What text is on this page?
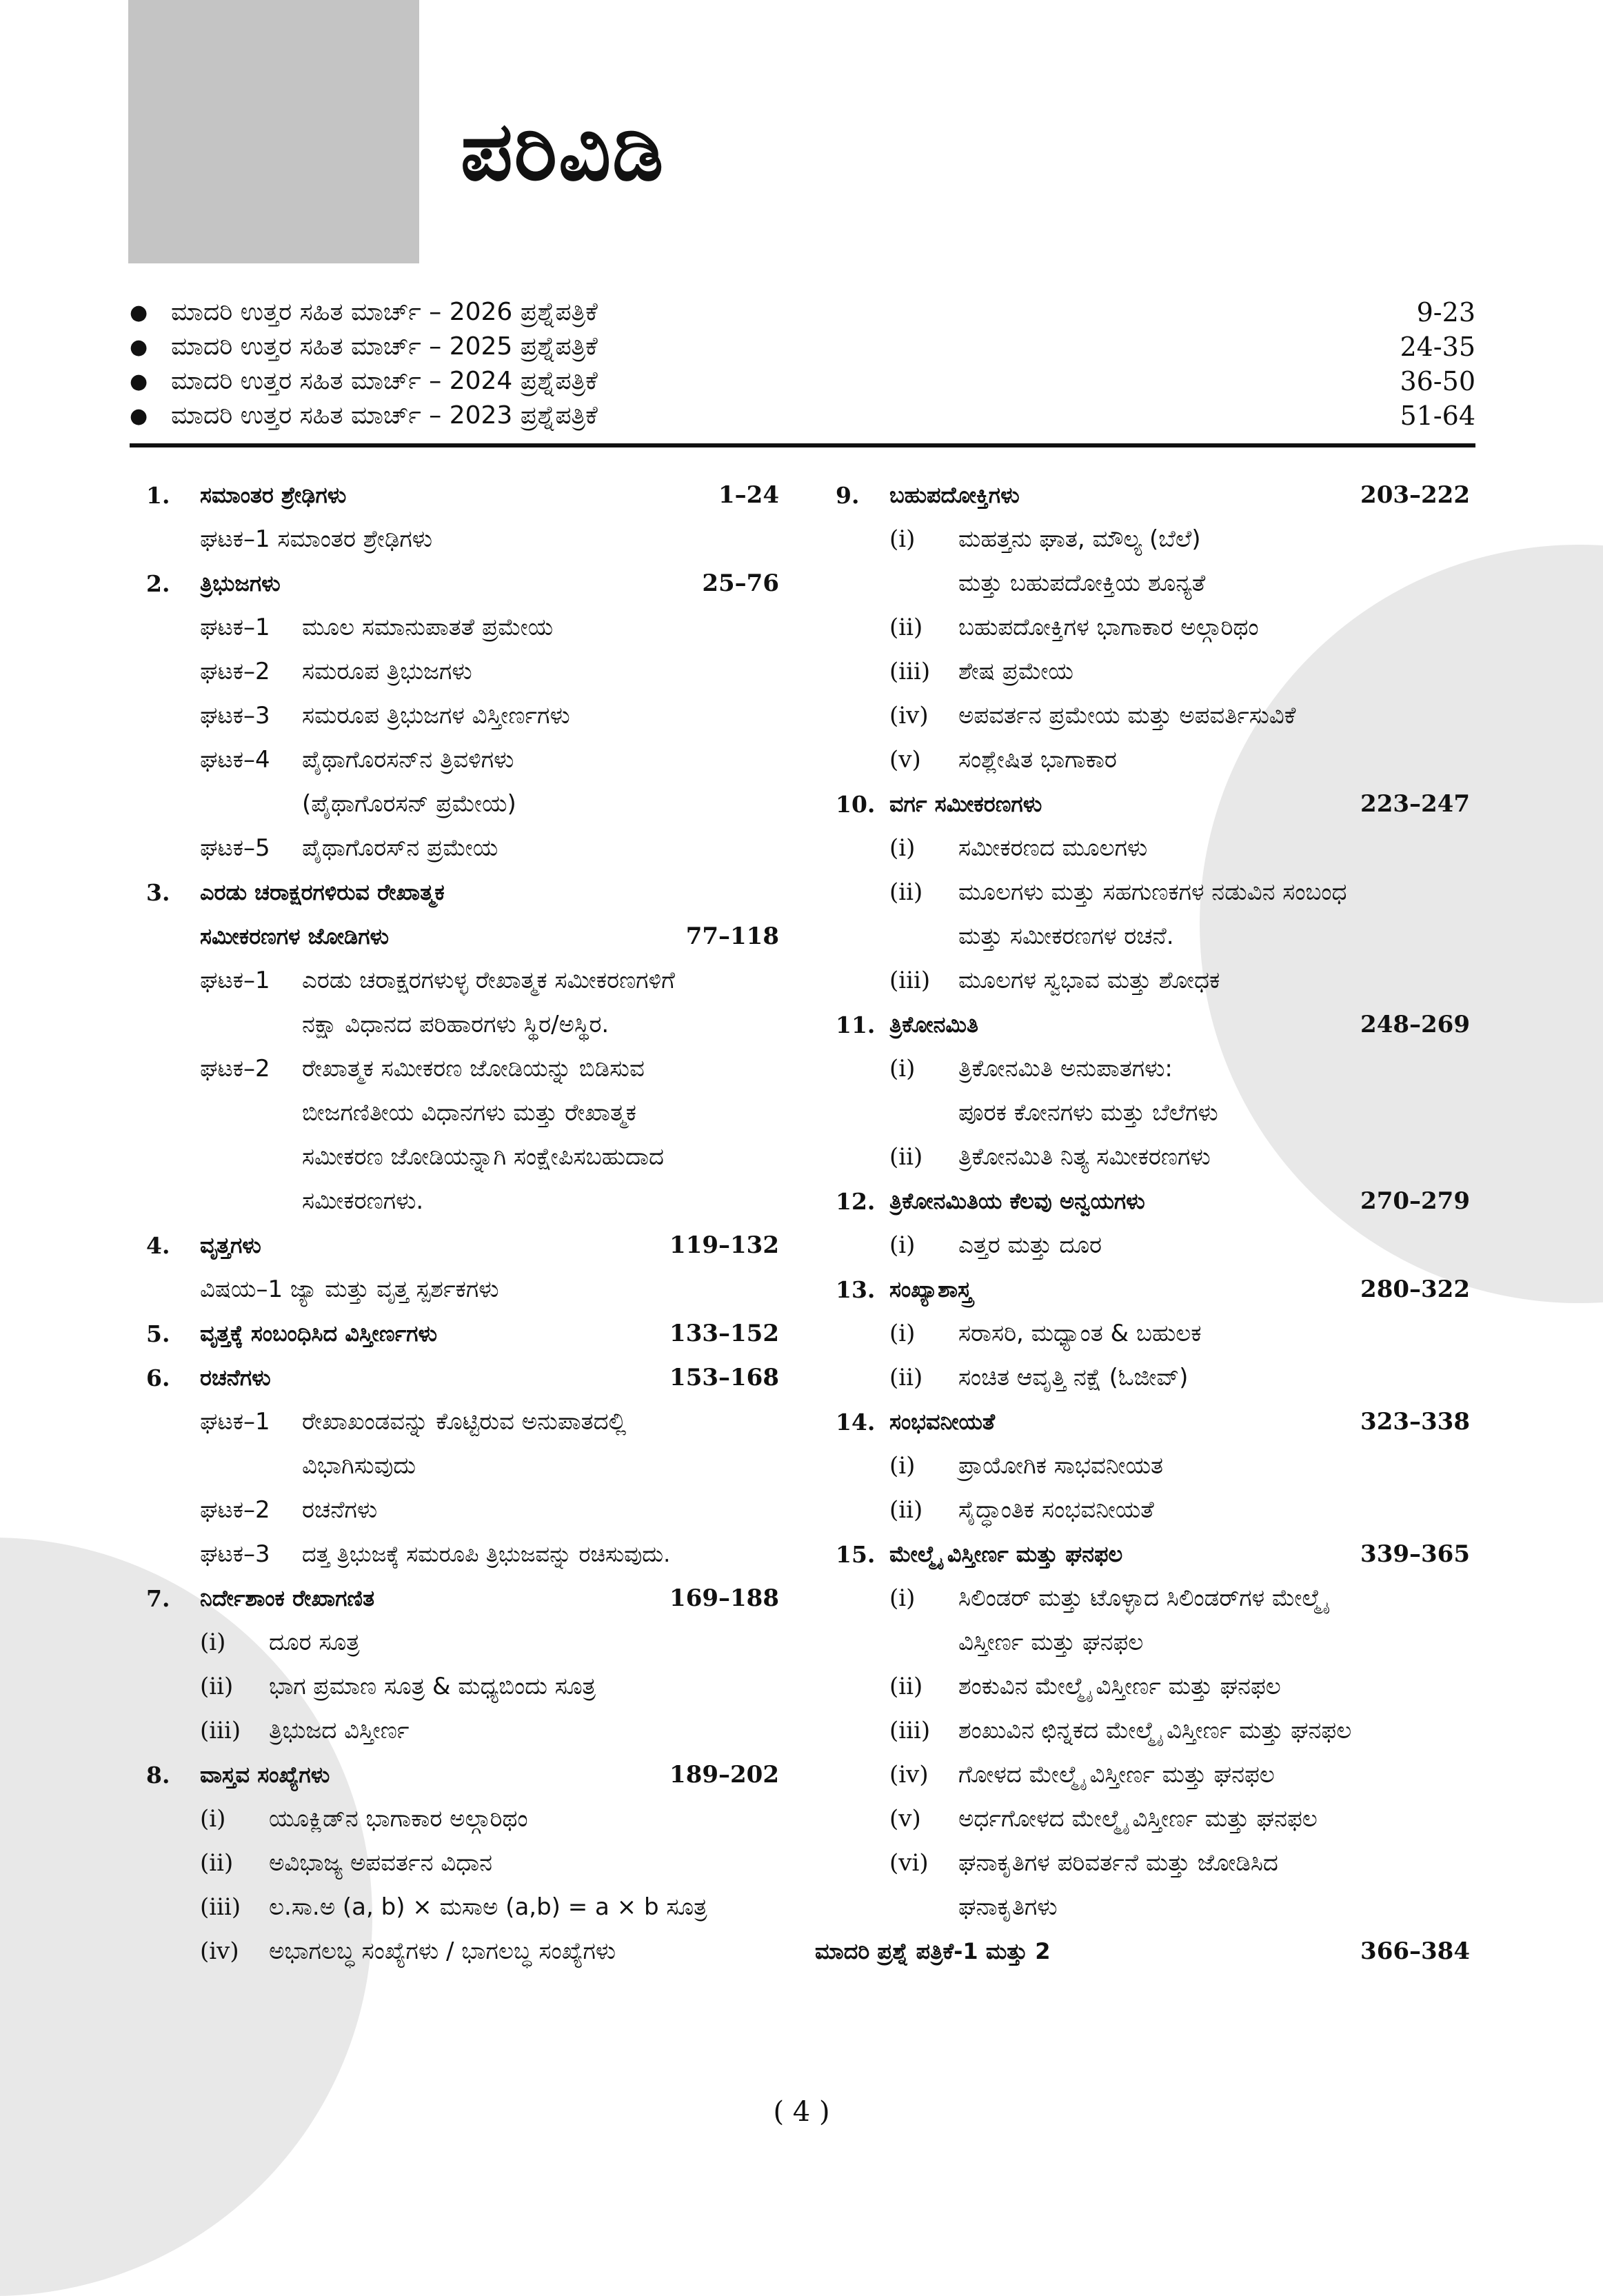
ಪರಿವಿಡಿ
● ಮಾದರಿ ಉತ್ತರ ಸಹಿತ ಮಾರ್ಚ್ – 2026 ಪ್ರಶ್ನೆಪತ್ರಿಕೆ	9-23
● ಮಾದರಿ ಉತ್ತರ ಸಹಿತ ಮಾರ್ಚ್ – 2025 ಪ್ರಶ್ನೆಪತ್ರಿಕೆ	24-35
● ಮಾದರಿ ಉತ್ತರ ಸಹಿತ ಮಾರ್ಚ್ – 2024 ಪ್ರಶ್ನೆಪತ್ರಿಕೆ	36-50
● ಮಾದರಿ ಉತ್ತರ ಸಹಿತ ಮಾರ್ಚ್ – 2023 ಪ್ರಶ್ನೆಪತ್ರಿಕೆ	51-64
1.	ಸಮಾಂತರ ಶ್ರೇಢಿಗಳು	1–24
ಘಟಕ–1 ಸಮಾಂತರ ಶ್ರೇಢಿಗಳು
2.	ತ್ರಿಭುಜಗಳು	25–76
ಘಟಕ–1	ಮೂಲ ಸಮಾನುಪಾತತೆ ಪ್ರಮೇಯ
ಘಟಕ–2	ಸಮರೂಪ ತ್ರಿಭುಜಗಳು
ಘಟಕ–3	ಸಮರೂಪ ತ್ರಿಭುಜಗಳ ವಿಸ್ತೀರ್ಣಗಳು
ಘಟಕ–4	ಪೈಥಾಗೊರಸನ್‌ನ ತ್ರಿವಳಿಗಳು
(ಪೈಥಾಗೊರಸನ್ ಪ್ರಮೇಯ)
ಘಟಕ–5	ಪೈಥಾಗೊರಸ್‌ನ ಪ್ರಮೇಯ
3.	ಎರಡು ಚರಾಕ್ಷರಗಳಿರುವ ರೇಖಾತ್ಮಕ
ಸಮೀಕರಣಗಳ ಜೋಡಿಗಳು	77–118
ಘಟಕ–1	ಎರಡು ಚರಾಕ್ಷರಗಳುಳ್ಳ ರೇಖಾತ್ಮಕ ಸಮೀಕರಣಗಳಿಗೆ
ನಕ್ಷಾ ವಿಧಾನದ ಪರಿಹಾರಗಳು ಸ್ಥಿರ/ಅಸ್ಥಿರ.
ಘಟಕ–2	ರೇಖಾತ್ಮಕ ಸಮೀಕರಣ ಜೋಡಿಯನ್ನು ಬಿಡಿಸುವ
ಬೀಜಗಣಿತೀಯ ವಿಧಾನಗಳು ಮತ್ತು ರೇಖಾತ್ಮಕ
ಸಮೀಕರಣ ಜೋಡಿಯನ್ನಾಗಿ ಸಂಕ್ಷೇಪಿಸಬಹುದಾದ
ಸಮೀಕರಣಗಳು.
4.	ವೃತ್ತಗಳು	119–132
ವಿಷಯ–1 ಜ್ಯಾ ಮತ್ತು ವೃತ್ತ ಸ್ಪರ್ಶಕಗಳು
5.	ವೃತ್ತಕ್ಕೆ ಸಂಬಂಧಿಸಿದ ವಿಸ್ತೀರ್ಣಗಳು	133–152
6.	ರಚನೆಗಳು	153–168
ಘಟಕ–1	ರೇಖಾಖಂಡವನ್ನು ಕೊಟ್ಟಿರುವ ಅನುಪಾತದಲ್ಲಿ
ವಿಭಾಗಿಸುವುದು
ಘಟಕ–2	ರಚನೆಗಳು
ಘಟಕ–3	ದತ್ತ ತ್ರಿಭುಜಕ್ಕೆ ಸಮರೂಪಿ ತ್ರಿಭುಜವನ್ನು ರಚಿಸುವುದು.
7.	ನಿರ್ದೇಶಾಂಕ ರೇಖಾಗಣಿತ	169–188
(i)	ದೂರ ಸೂತ್ರ
(ii)	ಭಾಗ ಪ್ರಮಾಣ ಸೂತ್ರ & ಮಧ್ಯಬಿಂದು ಸೂತ್ರ
(iii)	ತ್ರಿಭುಜದ ವಿಸ್ತೀರ್ಣ
8.	ವಾಸ್ತವ ಸಂಖ್ಯೆಗಳು	189–202
(i)	ಯೂಕ್ಲಿಡ್‌ನ ಭಾಗಾಕಾರ ಅಲ್ಗಾರಿಥಂ
(ii)	ಅವಿಭಾಜ್ಯ ಅಪವರ್ತನ ವಿಧಾನ
(iii)	ಲ.ಸಾ.ಅ (a, b) × ಮಸಾಅ (a,b) = a × b ಸೂತ್ರ
(iv)	ಅಭಾಗಲಬ್ಧ ಸಂಖ್ಯೆಗಳು / ಭಾಗಲಬ್ಧ ಸಂಖ್ಯೆಗಳು
9.	ಬಹುಪದೋಕ್ತಿಗಳು	203–222
(i)	ಮಹತ್ತನು ಘಾತ, ಮೌಲ್ಯ (ಬೆಲೆ)
ಮತ್ತು ಬಹುಪದೋಕ್ತಿಯ ಶೂನ್ಯತೆ
(ii)	ಬಹುಪದೋಕ್ತಿಗಳ ಭಾಗಾಕಾರ ಅಲ್ಗಾರಿಥಂ
(iii)	ಶೇಷ ಪ್ರಮೇಯ
(iv)	ಅಪವರ್ತನ ಪ್ರಮೇಯ ಮತ್ತು ಅಪವರ್ತಿಸುವಿಕೆ
(v)	ಸಂಶ್ಲೇಷಿತ ಭಾಗಾಕಾರ
10. ವರ್ಗ ಸಮೀಕರಣಗಳು	223–247
(i)	ಸಮೀಕರಣದ ಮೂಲಗಳು
(ii)	ಮೂಲಗಳು ಮತ್ತು ಸಹಗುಣಕಗಳ ನಡುವಿನ ಸಂಬಂಧ
ಮತ್ತು ಸಮೀಕರಣಗಳ ರಚನೆ.
(iii)	ಮೂಲಗಳ ಸ್ವಭಾವ ಮತ್ತು ಶೋಧಕ
11. ತ್ರಿಕೋನಮಿತಿ	248–269
(i)	ತ್ರಿಕೋನಮಿತಿ ಅನುಪಾತಗಳು:
ಪೂರಕ ಕೋನಗಳು ಮತ್ತು ಬೆಲೆಗಳು
(ii)	ತ್ರಿಕೋನಮಿತಿ ನಿತ್ಯ ಸಮೀಕರಣಗಳು
12. ತ್ರಿಕೋನಮಿತಿಯ ಕೆಲವು ಅನ್ವಯಗಳು	270–279
(i)	ಎತ್ತರ ಮತ್ತು ದೂರ
13. ಸಂಖ್ಯಾಶಾಸ್ತ್ರ	280–322
(i)	ಸರಾಸರಿ, ಮಧ್ಯಾಂತ & ಬಹುಲಕ
(ii)	ಸಂಚಿತ ಆವೃತ್ತಿ ನಕ್ಷೆ (ಓಜೀವ್)
14. ಸಂಭವನೀಯತೆ	323–338
(i)	ಪ್ರಾಯೋಗಿಕ ಸಾಭವನೀಯತ
(ii)	ಸೈದ್ಧಾಂತಿಕ ಸಂಭವನೀಯತೆ
15. ಮೇಲ್ಮೈ ವಿಸ್ತೀರ್ಣ ಮತ್ತು ಘನಫಲ	339–365
(i)	ಸಿಲಿಂಡರ್ ಮತ್ತು ಟೊಳ್ಳಾದ ಸಿಲಿಂಡರ್‌ಗಳ ಮೇಲ್ಮೈ
ವಿಸ್ತೀರ್ಣ ಮತ್ತು ಘನಫಲ
(ii)	ಶಂಕುವಿನ ಮೇಲ್ಮೈ ವಿಸ್ತೀರ್ಣ ಮತ್ತು ಘನಫಲ
(iii)	ಶಂಖುವಿನ ಛಿನ್ನಕದ ಮೇಲ್ಮೈ ವಿಸ್ತೀರ್ಣ ಮತ್ತು ಘನಫಲ
(iv)	ಗೋಳದ ಮೇಲ್ಮೈ ವಿಸ್ತೀರ್ಣ ಮತ್ತು ಘನಫಲ
(v)	ಅರ್ಧಗೋಳದ ಮೇಲ್ಮೈ ವಿಸ್ತೀರ್ಣ ಮತ್ತು ಘನಫಲ
(vi)	ಘನಾಕೃತಿಗಳ ಪರಿವರ್ತನೆ ಮತ್ತು ಜೋಡಿಸಿದ
ಘನಾಕೃತಿಗಳು
ಮಾದರಿ ಪ್ರಶ್ನೆ ಪತ್ರಿಕೆ-1 ಮತ್ತು 2	366–384
( 4 )
